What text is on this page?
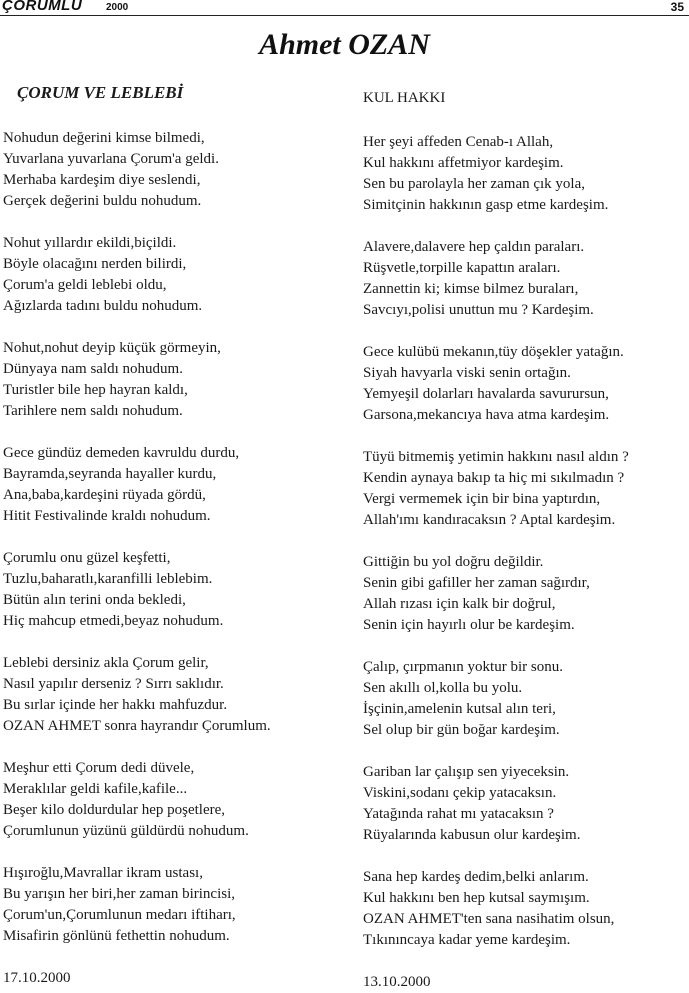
ÇORUMLU 2000	35
Ahmet OZAN
ÇORUM VE LEBLEBİ
Nohudun değerini kimse bilmedi,
Yuvarlana yuvarlana Çorum'a geldi.
Merhaba kardeşim diye seslendi,
Gerçek değerini buldu nohudum.
Nohut yıllardır ekildi,biçildi.
Böyle olacağını nerden bilirdi,
Çorum'a geldi leblebi oldu,
Ağızlarda tadını buldu nohudum.
Nohut,nohut deyip küçük görmeyin,
Dünyaya nam saldı nohudum.
Turistler bile hep hayran kaldı,
Tarihlere nem saldı nohudum.
Gece gündüz demeden kavruldu durdu,
Bayramda,seyranda hayaller kurdu,
Ana,baba,kardeşini rüyada gördü,
Hitit Festivalinde kraldı nohudum.
Çorumlu onu güzel keşfetti,
Tuzlu,baharatlı,karanfilli leblebim.
Bütün alın terini onda bekledi,
Hiç mahcup etmedi,beyaz nohudum.
Leblebi dersiniz akla Çorum gelir,
Nasıl yapılır derseniz ? Sırrı saklıdır.
Bu sırlar içinde her hakkı mahfuzdur.
OZAN AHMET sonra hayrandır Çorumlum.
Meşhur etti Çorum dedi düvele,
Meraklılar geldi kafile,kafile...
Beşer kilo doldurdular hep poşetlere,
Çorumlunun yüzünü güldürdü nohudum.
Hışıroğlu,Mavrallar ikram ustası,
Bu yarışın her biri,her zaman birincisi,
Çorum'un,Çorumlunun medarı iftiharı,
Misafirin gönlünü fethettin nohudum.
17.10.2000
KUL HAKKI
Her şeyi affeden Cenab-ı Allah,
Kul hakkını affetmiyor kardeşim.
Sen bu parolayla her zaman çık yola,
Simitçinin hakkının gasp etme kardeşim.
Alavere,dalavere hep çaldın paraları.
Rüşvetle,torpille kapattın araları.
Zannettin ki; kimse bilmez buraları,
Savcıyı,polisi unuttun mu ? Kardeşim.
Gece kulübü mekanın,tüy döşekler yatağın.
Siyah havyarla viski senin ortağın.
Yemyeşil dolarları havalarda savurursun,
Garsona,mekancıya hava atma kardeşim.
Tüyü bitmemiş yetimin hakkını nasıl aldın ?
Kendin aynaya bakıp ta hiç mi sıkılmadın ?
Vergi vermemek için bir bina yaptırdın,
Allah'ımı kandıracaksın ? Aptal kardeşim.
Gittiğin bu yol doğru değildir.
Senin gibi gafiller her zaman sağırdır,
Allah rızası için kalk bir doğrul,
Senin için hayırlı olur be kardeşim.
Çalıp, çırpmanın yoktur bir sonu.
Sen akıllı ol,kolla bu yolu.
İşçinin,amelenin kutsal alın teri,
Sel olup bir gün boğar kardeşim.
Gariban lar çalışıp sen yiyeceksin.
Viskini,sodanı çekip yatacaksın.
Yatağında rahat mı yatacaksın ?
Rüyalarında kabusun olur kardeşim.
Sana hep kardeş dedim,belki anlarım.
Kul hakkını ben hep kutsal saymışım.
OZAN AHMET'ten sana nasihatim olsun,
Tıkınıncaya kadar yeme kardeşim.
13.10.2000
